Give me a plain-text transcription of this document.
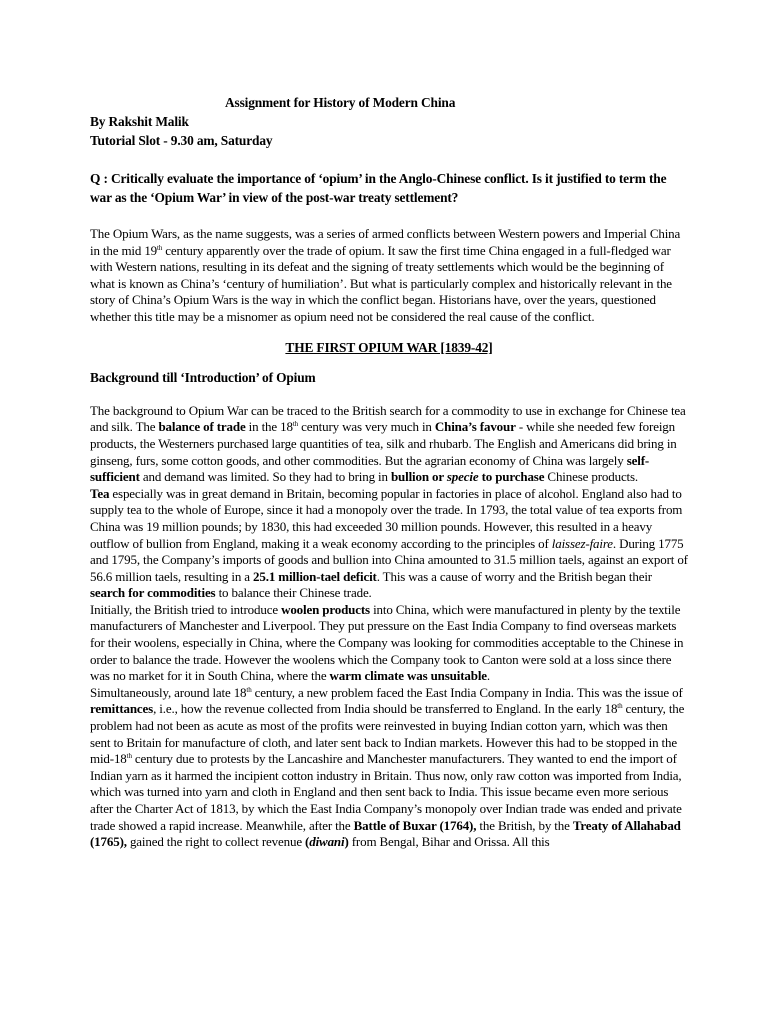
Assignment for History of Modern China
By Rakshit Malik
Tutorial Slot - 9.30 am, Saturday

Q : Critically evaluate the importance of ‘opium’ in the Anglo-Chinese conflict. Is it justified to term the war as the ‘Opium War’ in view of the post-war treaty settlement?

The Opium Wars, as the name suggests, was a series of armed conflicts between Western powers and Imperial China in the mid 19th century apparently over the trade of opium. It saw the first time China engaged in a full-fledged war with Western nations, resulting in its defeat and the signing of treaty settlements which would be the beginning of what is known as China’s ‘century of humiliation’. But what is particularly complex and historically relevant in the story of China’s Opium Wars is the way in which the conflict began. Historians have, over the years, questioned whether this title may be a misnomer as opium need not be considered the real cause of the conflict.

THE FIRST OPIUM WAR [1839-42]
Background till ‘Introduction’ of Opium

The background to Opium War can be traced to the British search for a commodity to use in exchange for Chinese tea and silk. The balance of trade in the 18th century was very much in China’s favour - while she needed few foreign products, the Westerners purchased large quantities of tea, silk and rhubarb. The English and Americans did bring in ginseng, furs, some cotton goods, and other commodities. But the agrarian economy of China was largely self-sufficient and demand was limited. So they had to bring in bullion or specie to purchase Chinese products.

Tea especially was in great demand in Britain, becoming popular in factories in place of alcohol. England also had to supply tea to the whole of Europe, since it had a monopoly over the trade. In 1793, the total value of tea exports from China was 19 million pounds; by 1830, this had exceeded 30 million pounds. However, this resulted in a heavy outflow of bullion from England, making it a weak economy according to the principles of laissez-faire. During 1775 and 1795, the Company’s imports of goods and bullion into China amounted to 31.5 million taels, against an export of 56.6 million taels, resulting in a 25.1 million-tael deficit. This was a cause of worry and the British began their search for commodities to balance their Chinese trade.

Initially, the British tried to introduce woolen products into China, which were manufactured in plenty by the textile manufacturers of Manchester and Liverpool. They put pressure on the East India Company to find overseas markets for their woolens, especially in China, where the Company was looking for commodities acceptable to the Chinese in order to balance the trade. However the woolens which the Company took to Canton were sold at a loss since there was no market for it in South China, where the warm climate was unsuitable.

Simultaneously, around late 18th century, a new problem faced the East India Company in India. This was the issue of remittances, i.e., how the revenue collected from India should be transferred to England. In the early 18th century, the problem had not been as acute as most of the profits were reinvested in buying Indian cotton yarn, which was then sent to Britain for manufacture of cloth, and later sent back to Indian markets. However this had to be stopped in the mid-18th century due to protests by the Lancashire and Manchester manufacturers. They wanted to end the import of Indian yarn as it harmed the incipient cotton industry in Britain. Thus now, only raw cotton was imported from India, which was turned into yarn and cloth in England and then sent back to India. This issue became even more serious after the Charter Act of 1813, by which the East India Company’s monopoly over Indian trade was ended and private trade showed a rapid increase. Meanwhile, after the Battle of Buxar (1764), the British, by the Treaty of Allahabad (1765), gained the right to collect revenue (diwani) from Bengal, Bihar and Orissa. All this
